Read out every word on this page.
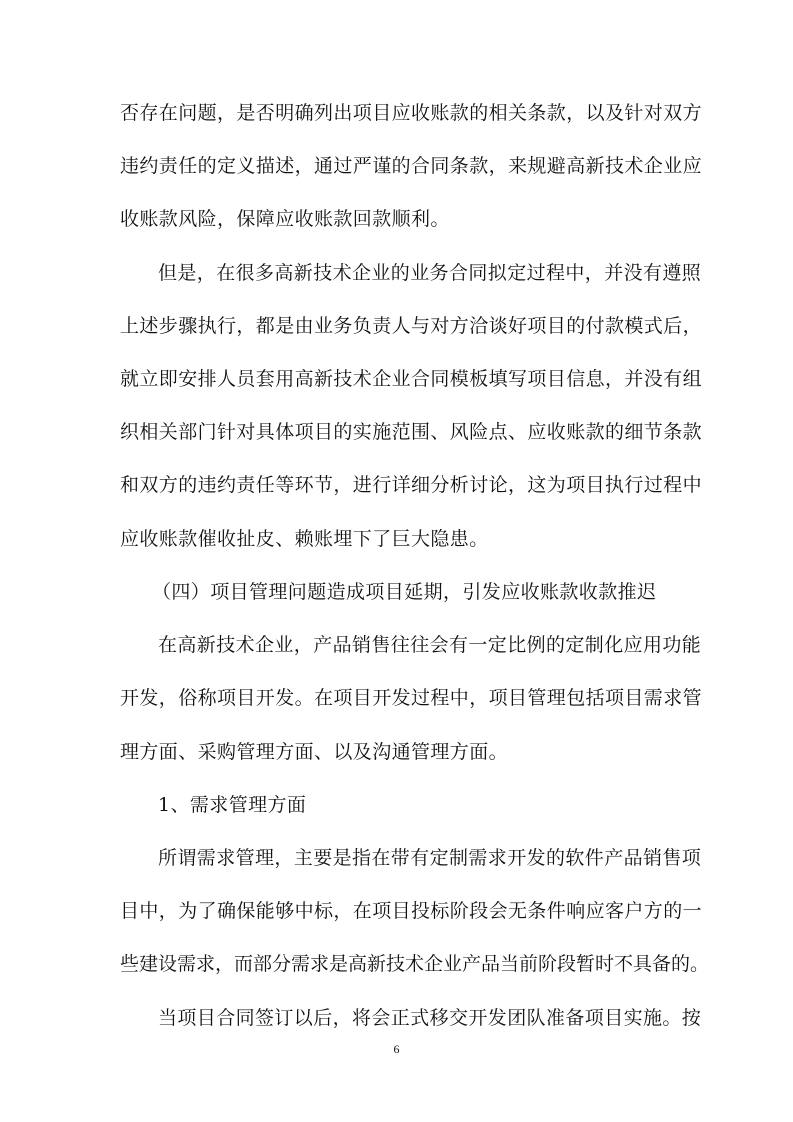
否存在问题，是否明确列出项目应收账款的相关条款，以及针对双方
违约责任的定义描述，通过严谨的合同条款，来规避高新技术企业应
收账款风险，保障应收账款回款顺利。
但是，在很多高新技术企业的业务合同拟定过程中，并没有遵照
上述步骤执行，都是由业务负责人与对方洽谈好项目的付款模式后，
就立即安排人员套用高新技术企业合同模板填写项目信息，并没有组
织相关部门针对具体项目的实施范围、风险点、应收账款的细节条款
和双方的违约责任等环节，进行详细分析讨论，这为项目执行过程中
应收账款催收扯皮、赖账埋下了巨大隐患。
（四）项目管理问题造成项目延期，引发应收账款收款推迟
在高新技术企业，产品销售往往会有一定比例的定制化应用功能
开发，俗称项目开发。在项目开发过程中，项目管理包括项目需求管
理方面、采购管理方面、以及沟通管理方面。
1、需求管理方面
所谓需求管理，主要是指在带有定制需求开发的软件产品销售项
目中，为了确保能够中标，在项目投标阶段会无条件响应客户方的一
些建设需求，而部分需求是高新技术企业产品当前阶段暂时不具备的。
当项目合同签订以后，将会正式移交开发团队准备项目实施。按
6
